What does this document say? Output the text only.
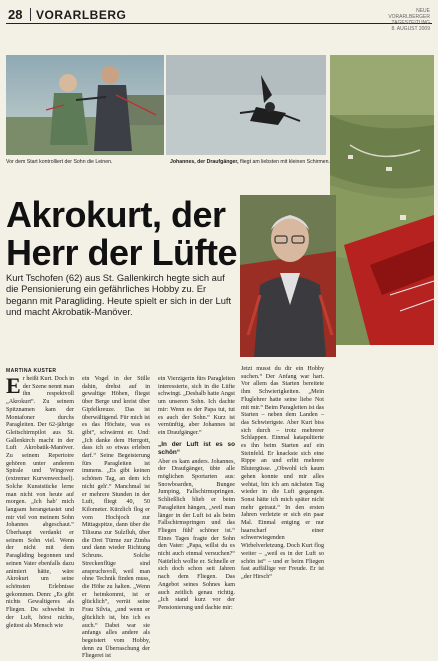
28 VORARLBERG	NEUE VORARLBERGER
TAGESZEITUNG
8. AUGUST 2009
Vor dem Start kontrolliert der Sohn die Leinen.	Johannes, der Draufgänger, fliegt am liebsten mit kleinen Schirmen.
Akrokurt, der
Herr der Lüfte
Kurt Tschofen (62) aus St. Gallenkirch hegte sich auf die Pensionierung ein gefährliches Hobby zu. Er begann mit Paragliding. Heute spielt er sich in der Luft und macht Akrobatik-Manöver.
MARTINA KUSTER
E r heißt Kurt. Doch in der Szene nennt man ihn respektvoll „Akrokurt“. Zu seinem Spitznamen kam der Montafoner durchs Paragleiten. Der 62-jährige Gleitschirmpilot aus St. Gallenkirch macht in der Luft Akrobatik-Manöver. Zu seinem Repertoire gehören unter anderem Spirale und Wingover (extremer Kurvenwechsel). Solche Kunststücke lerne man nicht von heute auf morgen. „Ich hab' mich langsam herangetastet und mir viel von meinem Sohn Johannes abgeschaut.“ Überhaupt verdankt er seinem Sohn viel. Wenn der nicht mit dem Paragliding begonnen und seinen Vater ebenfalls dazu animiert hätte, wäre Akrokurt um seine schönsten Erlebnisse gekommen. Denn: „Es gibt nichts Gewaltigeres als Fliegen. Du schwebst in der Luft, hörst nichts, gleitest als Mensch wie
ein Vogel in der Stille dahin, drehst auf in gewaltige Höhen, fliegst über Berge und kreist über Gipfelkreuze. Das ist überwältigend. Für mich ist es das Höchste, was es gibt“, schwärmt er. Und: „Ich danke dem Herrgott, dass ich so etwas erleben darf.“ Seine Begeisterung fürs Paragleiten ist immens. „Es gibt keinen schönen Tag, an dem ich nicht geh'.“ Manchmal ist er mehrere Stunden in der Luft, fliegt 40, 50 Kilometer. Kürzlich flog er vom Hochjoch zur Mittagspitze, dann über die Tilisuna zur Sulzfluh, über die Drei Türme zur Zimba und dann wieder Richtung Schruns. Solche Streckenflüge sind anspruchsvoll, weil man ohne Technik finden muss, die Höhe zu halten. „Wenn er heimkommt, ist er glücklich“, verrät seine Frau Silvia, „und wenn er glücklich ist, bin ich es auch.“ Dabei war sie anfangs alles andere als begeistert vom Hobby, denn zu Überraschung der Fliegerei ist

ein Vierzigerin fürs Paragleiten interessierte, sich in die Lüfte schwingt. „Deshalb hatte Angst um unseren Sohn. Ich dachte mir: Wenn es der Papa tut, tut es auch der Sohn.“ Kurz ist vernünftig, aber Johannes ist ein Draufgänger.“

„In der Luft ist es so schön“

Aber es kam anders. Johannes, der Draufgänger, übte alle möglichen Sportarten aus: Snowboarden, Bungee Jumping, Fallschirmspringen. Schließlich blieb er beim Paragleiten hängen, „weil man länger in der Luft ist als beim Fallschirmspringen und das Fliegen fühl' schöner ist.“ Eines Tages fragte der Sohn den Vater: „Papa, willst du es nicht auch einmal versuchen?“ Natürlich wollte er. Schnelle er sich doch schon seit Jahren nach dem Fliegen. Das Angebot seines Sohnes kam auch zeitlich genau richtig. „Ich stand kurz vor der Pensionierung und dachte mir:

Jetzt musst du dir ein Hobby suchen.“ Der Anfang war hart. Vor allem das Starten bereitete ihm Schwierigkeiten. „Mein Fluglehrer hatte seine liebe Not mit mir.“ Beim Paragleiten ist das Starten – neben dem Landen – das Schwierigste. Aber Kurt biss sich durch – trotz mehrerer Schlappen. Einmal katapultierte es ihn beim Starten auf ein Steinfeld. Er knackste sich eine Rippe an und erlitt mehrere Blutergüsse. „Obwohl ich kaum gehen konnte und mir alles wehtat, bin ich am nächsten Tag wieder in die Luft gegangen. Sonst hätte ich mich später nicht mehr getraut.“ In den ersten Jahren verletzte er sich ein paar Mal. Einmal entging er nur haarscharf einer schwerwiegenden Wirbelverletzung. Doch Kurt flog weiter – „weil es in der Luft so schön ist“ – und er beim Fliegen fast auffällige ver Freude. Er ist „der Hirsch“
